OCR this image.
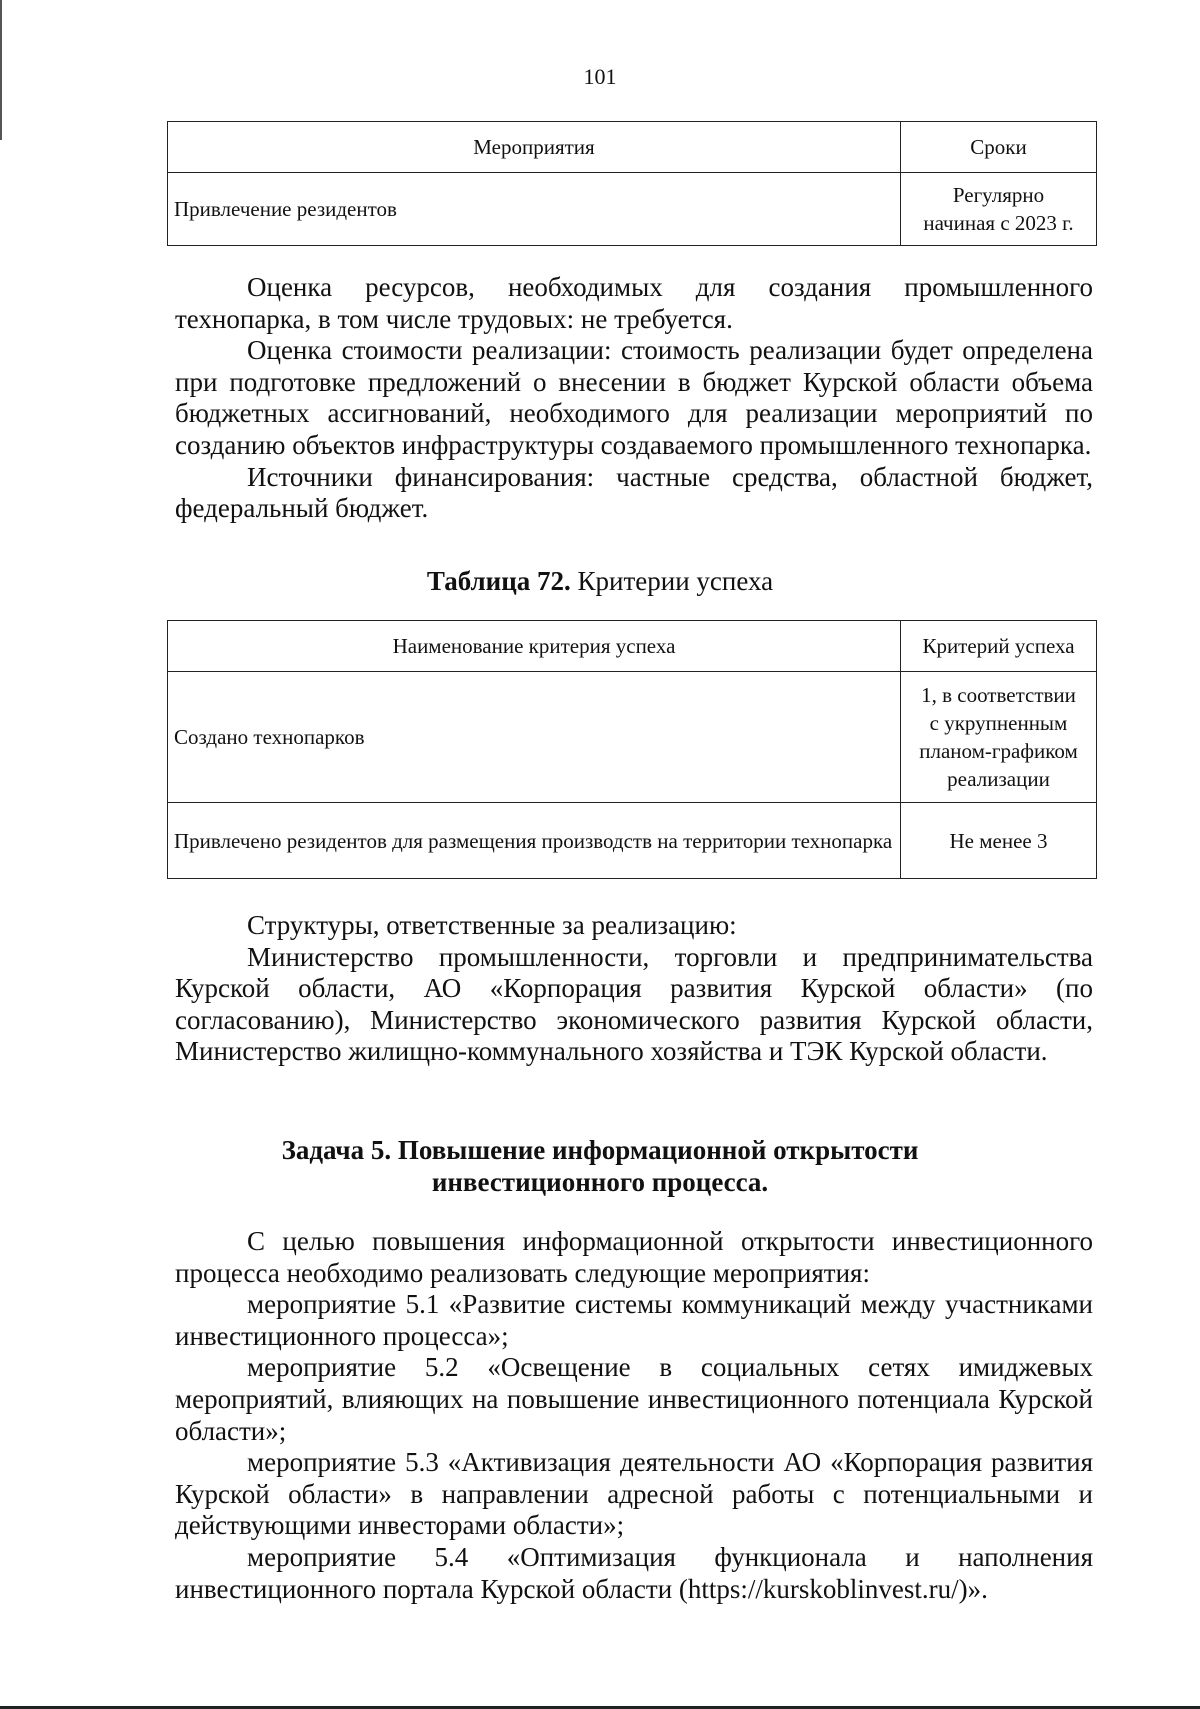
101
Мероприятия	Сроки
Привлечение резидентов	Регулярно
начиная с 2023 г.

Оценка ресурсов, необходимых для создания промышленного технопарка, в том числе трудовых: не требуется.

Оценка стоимости реализации: стоимость реализации будет определена при подготовке предложений о внесении в бюджет Курской области объема бюджетных ассигнований, необходимого для реализации мероприятий по созданию объектов инфраструктуры создаваемого промышленного технопарка.

Источники финансирования: частные средства, областной бюджет, федеральный бюджет.

Таблица 72. Критерии успеха
Наименование критерия успеха	Критерий успеха
Создано технопарков	1, в соответствии
с укрупненным
планом-графиком
реализации
Привлечено резидентов для размещения производств на территории технопарка	Не менее 3

Структуры, ответственные за реализацию:

Министерство промышленности, торговли и предпринимательства Курской области, АО «Корпорация развития Курской области» (по согласованию), Министерство экономического развития Курской области, Министерство жилищно-коммунального хозяйства и ТЭК Курской области.

Задача 5. Повышение информационной открытости
инвестиционного процесса.

С целью повышения информационной открытости инвестиционного процесса необходимо реализовать следующие мероприятия:

мероприятие 5.1 «Развитие системы коммуникаций между участниками инвестиционного процесса»;

мероприятие 5.2 «Освещение в социальных сетях имиджевых мероприятий, влияющих на повышение инвестиционного потенциала Курской области»;

мероприятие 5.3 «Активизация деятельности АО «Корпорация развития Курской области» в направлении адресной работы с потенциальными и действующими инвесторами области»;

мероприятие 5.4 «Оптимизация функционала и наполнения инвестиционного портала Курской области (https://kurskoblinvest.ru/)».
